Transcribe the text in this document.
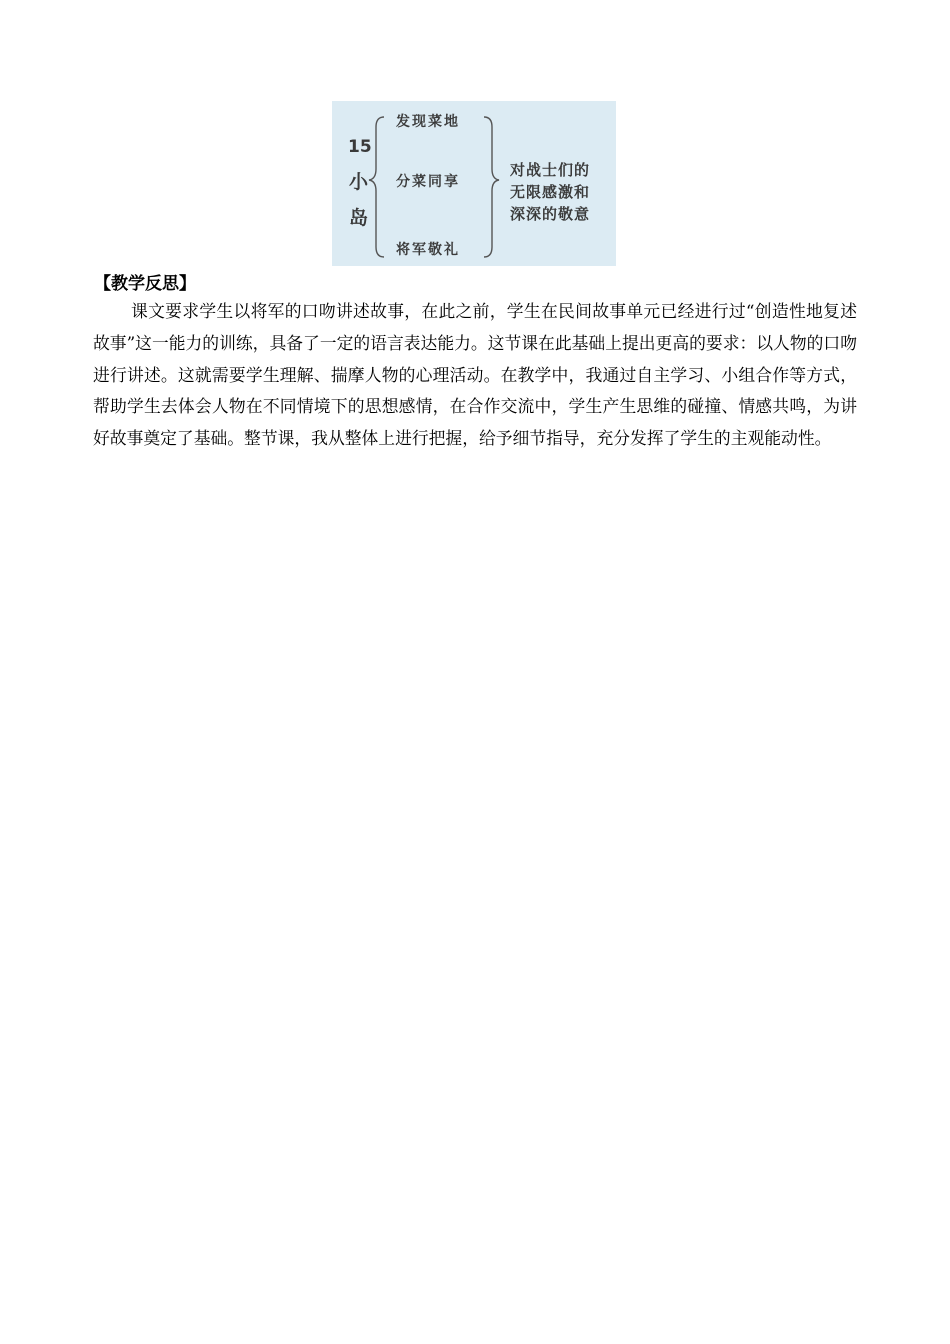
15
小
岛
发现菜地
分菜同享
将军敬礼
对战士们的
无限感激和
深深的敬意
【教学反思】

课文要求学生以将军的口吻讲述故事，在此之前，学生在民间故事单元已经进行过“创造性地复述故事”这一能力的训练，具备了一定的语言表达能力。这节课在此基础上提出更高的要求：以人物的口吻进行讲述。这就需要学生理解、揣摩人物的心理活动。在教学中，我通过自主学习、小组合作等方式，帮助学生去体会人物在不同情境下的思想感情，在合作交流中，学生产生思维的碰撞、情感共鸣，为讲好故事奠定了基础。整节课，我从整体上进行把握，给予细节指导，充分发挥了学生的主观能动性。
